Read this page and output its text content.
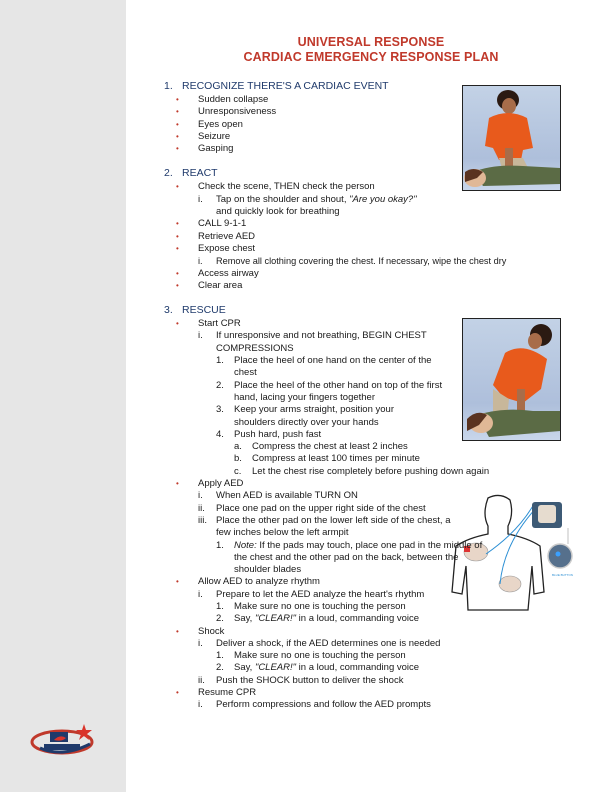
UNIVERSAL RESPONSE
CARDIAC EMERGENCY RESPONSE PLAN
BLUE BUTTON
1. RECOGNIZE THERE'S A CARDIAC EVENT
• Sudden collapse
• Unresponsiveness
• Eyes open
• Seizure
• Gasping
2. REACT
• Check the scene, THEN check the person
i. Tap on the shoulder and shout, "Are you okay?"
and quickly look for breathing
• CALL 9-1-1
• Retrieve AED
• Expose chest
i. Remove all clothing covering the chest. If necessary, wipe the chest dry
• Access airway
• Clear area
3. RESCUE
• Start CPR
i. If unresponsive and not breathing, BEGIN CHEST COMPRESSIONS
1. Place the heel of one hand on the center of the chest
2. Place the heel of the other hand on top of the first hand, lacing your fingers together
3. Keep your arms straight, position your shoulders directly over your hands
4. Push hard, push fast
a. Compress the chest at least 2 inches
b. Compress at least 100 times per minute
c. Let the chest rise completely before pushing down again
• Apply AED
i. When AED is available TURN ON
ii. Place one pad on the upper right side of the chest
iii. Place the other pad on the lower left side of the chest, a few inches below the left armpit
1. Note: If the pads may touch, place one pad in the middle of the chest and the other pad on the back, between the shoulder blades
• Allow AED to analyze rhythm
i. Prepare to let the AED analyze the heart's rhythm
1. Make sure no one is touching the person
2. Say, "CLEAR!" in a loud, commanding voice
• Shock
i. Deliver a shock, if the AED determines one is needed
1. Make sure no one is touching the person
2. Say, "CLEAR!" in a loud, commanding voice
ii. Push the SHOCK button to deliver the shock
• Resume CPR
i. Perform compressions and follow the AED prompts
